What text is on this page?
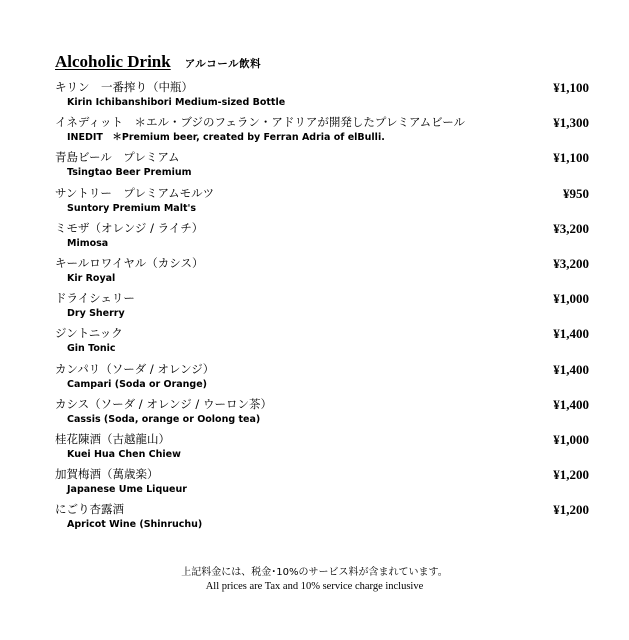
Alcoholic Drink アルコール飲料
キリン　一番搾り（中瓶）
Kirin Ichibanshibori Medium-sized Bottle
¥1,100
イネディット　＊エル・ブジのフェラン・アドリアが開発したプレミアムビール
INEDIT　＊Premium beer, created by Ferran Adria of elBulli.
¥1,300
青島ビール　プレミアム
Tsingtao Beer Premium
¥1,100
サントリー　プレミアムモルツ
Suntory Premium Malt's
¥950
ミモザ（オレンジ / ライチ）
Mimosa
¥3,200
キールロワイヤル（カシス）
Kir Royal
¥3,200
ドライシェリー
Dry Sherry
¥1,000
ジントニック
Gin Tonic
¥1,400
カンパリ（ソーダ / オレンジ）
Campari (Soda or Orange)
¥1,400
カシス（ソーダ / オレンジ / ウーロン茶）
Cassis (Soda, orange or Oolong tea)
¥1,400
桂花陳酒（古越龍山）
Kuei Hua Chen Chiew
¥1,000
加賀梅酒（萬歳楽）
Japanese Ume Liqueur
¥1,200
にごり杏露酒
Apricot Wine (Shinruchu)
¥1,200
上記料金には、税金･10%のサービス料が含まれています。
All prices are Tax and 10% service charge inclusive
